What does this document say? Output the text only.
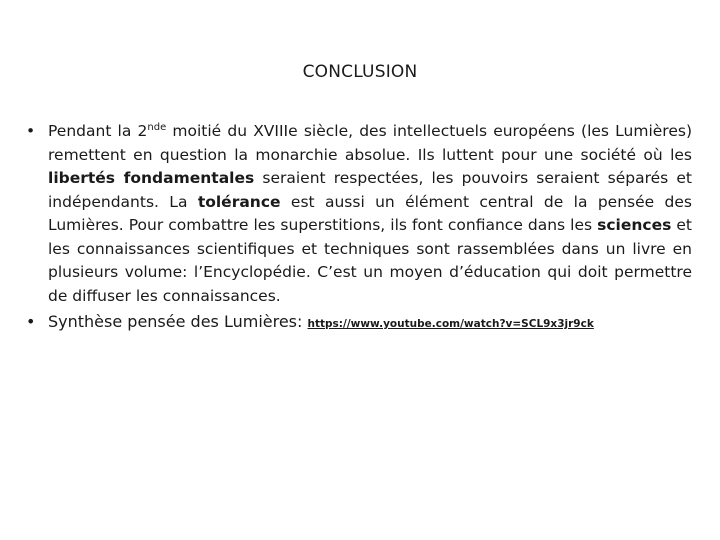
CONCLUSION
• Pendant la 2nde moitié du XVIIIe siècle, des intellectuels européens (les Lumières) remettent en question la monarchie absolue. Ils luttent pour une société où les libertés fondamentales seraient respectées, les pouvoirs seraient séparés et indépendants. La tolérance est aussi un élément central de la pensée des Lumières. Pour combattre les superstitions, ils font confiance dans les sciences et les connaissances scientifiques et techniques sont rassemblées dans un livre en plusieurs volume: l’Encyclopédie. C’est un moyen d’éducation qui doit permettre de diffuser les connaissances.
• Synthèse pensée des Lumières: https://www.youtube.com/watch?v=SCL9x3jr9ck
